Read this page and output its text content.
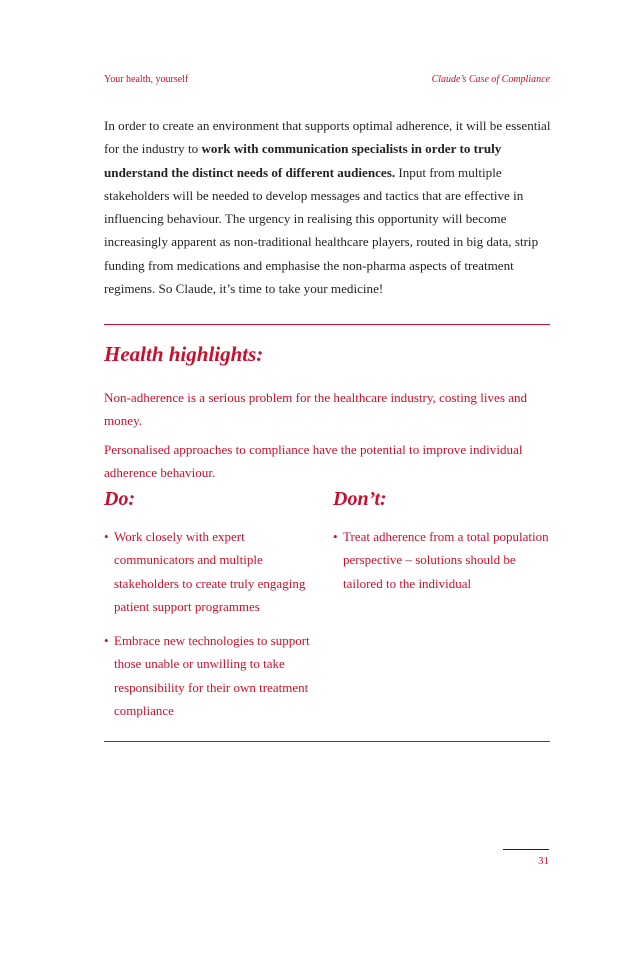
Your health, yourself	Claude’s Case of Compliance
In order to create an environment that supports optimal adherence, it will be essential for the industry to work with communication specialists in order to truly understand the distinct needs of different audiences. Input from multiple stakeholders will be needed to develop messages and tactics that are effective in influencing behaviour. The urgency in realising this opportunity will become increasingly apparent as non-traditional healthcare players, routed in big data, strip funding from medications and emphasise the non-pharma aspects of treatment regimens. So Claude, it’s time to take your medicine!
Health highlights:
Non-adherence is a serious problem for the healthcare industry, costing lives and money.
Personalised approaches to compliance have the potential to improve individual adherence behaviour.
Do:	Don’t:
• Work closely with expert communicators and multiple stakeholders to create truly engaging patient support programmes
• Embrace new technologies to support those unable or unwilling to take responsibility for their own treatment compliance
• Treat adherence from a total population perspective – solutions should be tailored to the individual
31
